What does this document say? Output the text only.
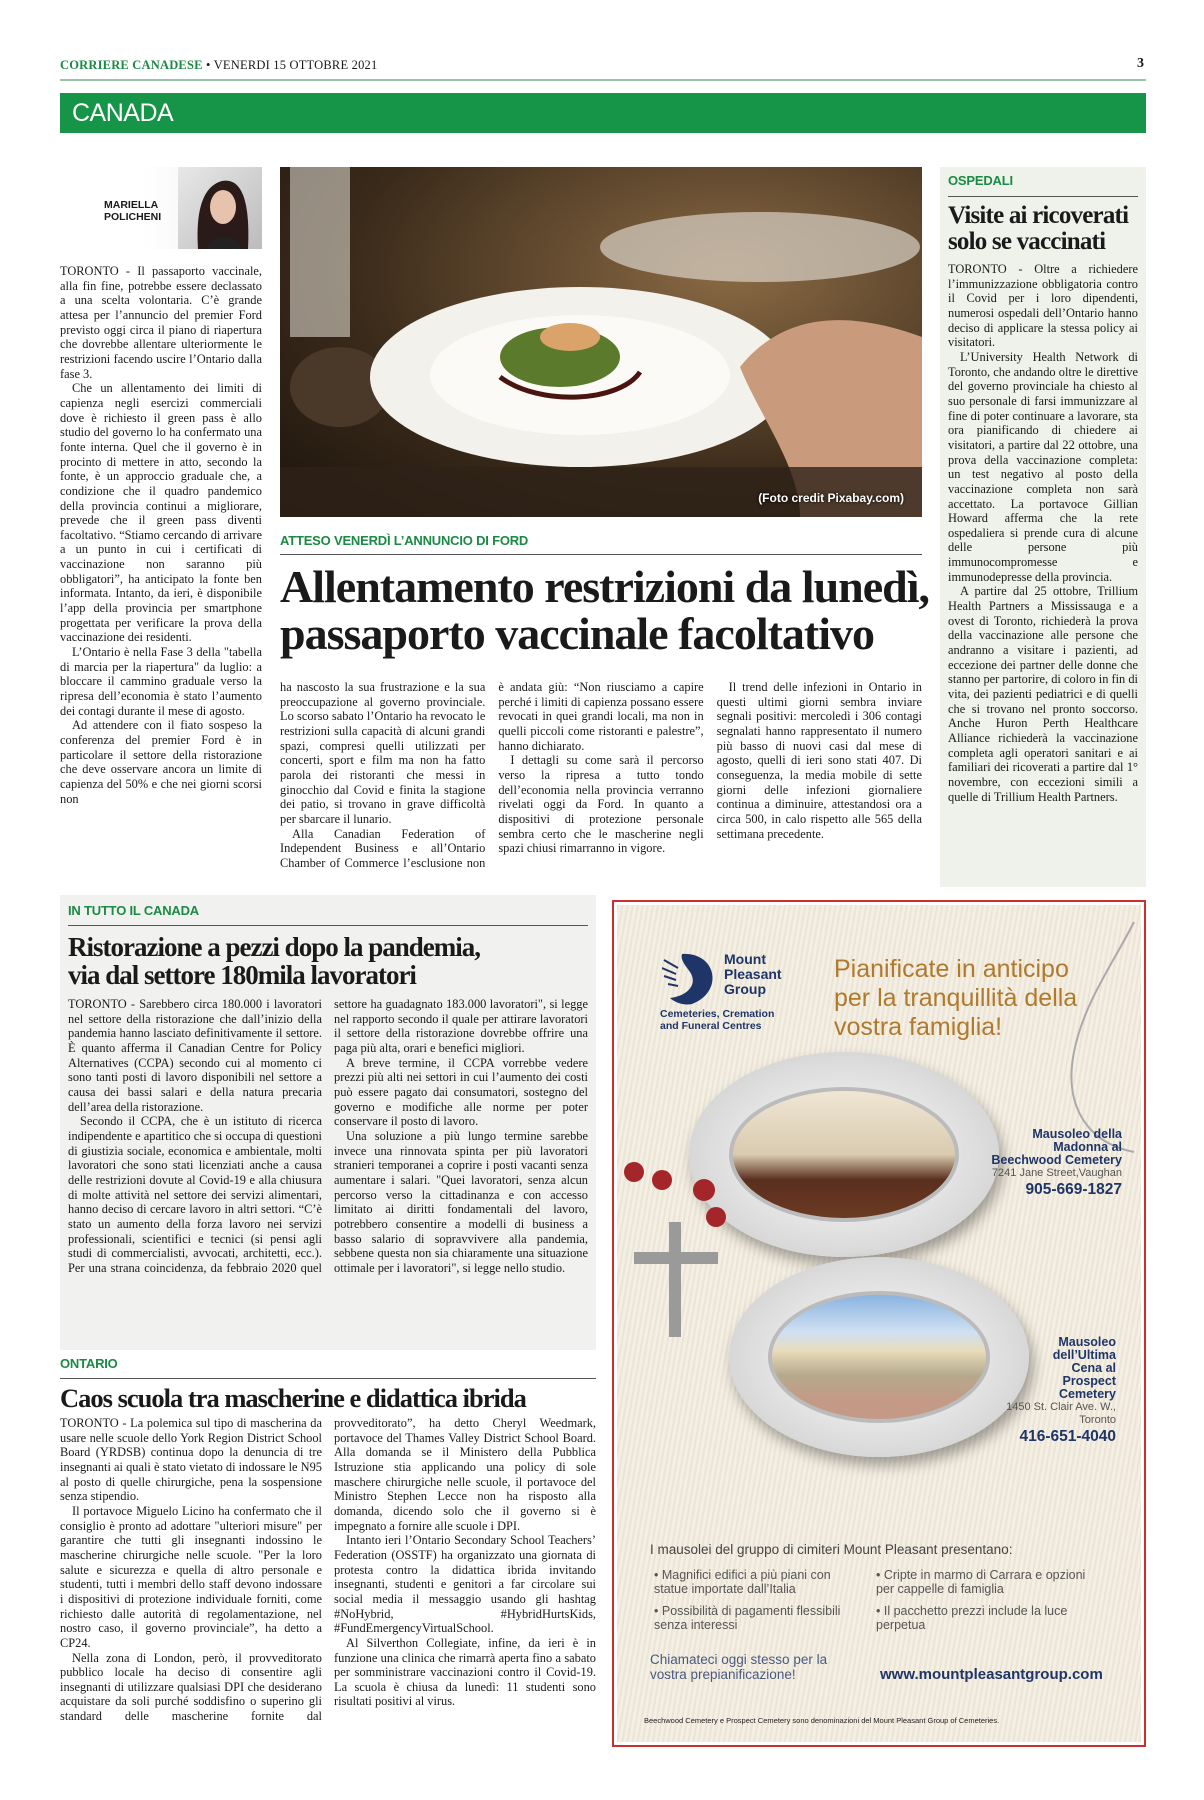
CORRIERE CANADESE • VENERDI 15 OTTOBRE 2021	3
CANADA
MARIELLA
POLICHENI

TORONTO - Il passaporto vaccinale, alla fin fine, potrebbe essere declassato a una scelta volontaria. C’è grande attesa per l’annuncio del premier Ford previsto oggi circa il piano di riapertura che dovrebbe allentare ulteriormente le restrizioni facendo uscire l’Ontario dalla fase 3.

Che un allentamento dei limiti di capienza negli esercizi commerciali dove è richiesto il green pass è allo studio del governo lo ha confermato una fonte interna. Quel che il governo è in procinto di mettere in atto, secondo la fonte, è un approccio graduale che, a condizione che il quadro pandemico della provincia continui a migliorare, prevede che il green pass diventi facoltativo. “Stiamo cercando di arrivare a un punto in cui i certificati di vaccinazione non saranno più obbligatori”, ha anticipato la fonte ben informata. Intanto, da ieri, è disponibile l’app della provincia per smartphone progettata per verificare la prova della vaccinazione dei residenti.

L’Ontario è nella Fase 3 della "tabella di marcia per la riapertura" da luglio: a bloccare il cammino graduale verso la ripresa dell’economia è stato l’aumento dei contagi durante il mese di agosto.

Ad attendere con il fiato sospeso la conferenza del premier Ford è in particolare il settore della ristorazione che deve osservare ancora un limite di capienza del 50% e che nei giorni scorsi non

(Foto credit Pixabay.com)
ATTESO VENERDÌ L’ANNUNCIO DI FORD
Allentamento restrizioni da lunedì,
passaporto vaccinale facoltativo

ha nascosto la sua frustrazione e la sua preoccupazione al governo provinciale. Lo scorso sabato l’Ontario ha revocato le restrizioni sulla capacità di alcuni grandi spazi, compresi quelli utilizzati per concerti, sport e film ma non ha fatto parola dei ristoranti che messi in ginocchio dal Covid e finita la stagione dei patio, si trovano in grave difficoltà per sbarcare il lunario.

Alla Canadian Federation of Independent Business e all’Ontario Chamber of Commerce l’esclusione non è andata giù: “Non riusciamo a capire perché i limiti di capienza possano essere revocati in quei grandi locali, ma non in quelli piccoli come ristoranti e palestre”, hanno dichiarato.

I dettagli su come sarà il percorso verso la ripresa a tutto tondo dell’economia nella provincia verranno rivelati oggi da Ford. In quanto a dispositivi di protezione personale sembra certo che le mascherine negli spazi chiusi rimarranno in vigore.

Il trend delle infezioni in Ontario in questi ultimi giorni sembra inviare segnali positivi: mercoledì i 306 contagi segnalati hanno rappresentato il numero più basso di nuovi casi dal mese di agosto, quelli di ieri sono stati 407. Di conseguenza, la media mobile di sette giorni delle infezioni giornaliere continua a diminuire, attestandosi ora a circa 500, in calo rispetto alle 565 della settimana precedente.

OSPEDALI
Visite ai ricoverati solo se vaccinati

TORONTO - Oltre a richiedere l’immunizzazione obbligatoria contro il Covid per i loro dipendenti, numerosi ospedali dell’Ontario hanno deciso di applicare la stessa policy ai visitatori.

L’University Health Network di Toronto, che andando oltre le direttive del governo provinciale ha chiesto al suo personale di farsi immunizzare al fine di poter continuare a lavorare, sta ora pianificando di chiedere ai visitatori, a partire dal 22 ottobre, una prova della vaccinazione completa: un test negativo al posto della vaccinazione completa non sarà accettato. La portavoce Gillian Howard afferma che la rete ospedaliera si prende cura di alcune delle persone più immunocompromesse e immunodepresse della provincia.

A partire dal 25 ottobre, Trillium Health Partners a Mississauga e a ovest di Toronto, richiederà la prova della vaccinazione alle persone che andranno a visitare i pazienti, ad eccezione dei partner delle donne che stanno per partorire, di coloro in fin di vita, dei pazienti pediatrici e di quelli che si trovano nel pronto soccorso. Anche Huron Perth Healthcare Alliance richiederà la vaccinazione completa agli operatori sanitari e ai familiari dei ricoverati a partire dal 1° novembre, con eccezioni simili a quelle di Trillium Health Partners.

IN TUTTO IL CANADA
Ristorazione a pezzi dopo la pandemia,
via dal settore 180mila lavoratori

TORONTO - Sarebbero circa 180.000 i lavoratori nel settore della ristorazione che dall’inizio della pandemia hanno lasciato definitivamente il settore. È quanto afferma il Canadian Centre for Policy Alternatives (CCPA) secondo cui al momento ci sono tanti posti di lavoro disponibili nel settore a causa dei bassi salari e della natura precaria dell’area della ristorazione.

Secondo il CCPA, che è un istituto di ricerca indipendente e apartitico che si occupa di questioni di giustizia sociale, economica e ambientale, molti lavoratori che sono stati licenziati anche a causa delle restrizioni dovute al Covid-19 e alla chiusura di molte attività nel settore dei servizi alimentari, hanno deciso di cercare lavoro in altri settori. “C’è stato un aumento della forza lavoro nei servizi professionali, scientifici e tecnici (si pensi agli studi di commercialisti, avvocati, architetti, ecc.). Per una strana coincidenza, da febbraio 2020 quel settore ha guadagnato 183.000 lavoratori", si legge nel rapporto secondo il quale per attirare lavoratori il settore della ristorazione dovrebbe offrire una paga più alta, orari e benefici migliori.

A breve termine, il CCPA vorrebbe vedere prezzi più alti nei settori in cui l’aumento dei costi può essere pagato dai consumatori, sostegno del governo e modifiche alle norme per poter conservare il posto di lavoro.

Una soluzione a più lungo termine sarebbe invece una rinnovata spinta per più lavoratori stranieri temporanei a coprire i posti vacanti senza aumentare i salari. "Quei lavoratori, senza alcun percorso verso la cittadinanza e con accesso limitato ai diritti fondamentali del lavoro, potrebbero consentire a modelli di business a basso salario di sopravvivere alla pandemia, sebbene questa non sia chiaramente una situazione ottimale per i lavoratori", si legge nello studio.

ONTARIO
Caos scuola tra mascherine e didattica ibrida

TORONTO - La polemica sul tipo di mascherina da usare nelle scuole dello York Region District School Board (YRDSB) continua dopo la denuncia di tre insegnanti ai quali è stato vietato di indossare le N95 al posto di quelle chirurgiche, pena la sospensione senza stipendio.

Il portavoce Miguelo Licino ha confermato che il consiglio è pronto ad adottare "ulteriori misure" per garantire che tutti gli insegnanti indossino le mascherine chirurgiche nelle scuole. "Per la loro salute e sicurezza e quella di altro personale e studenti, tutti i membri dello staff devono indossare i dispositivi di protezione individuale forniti, come richiesto dalle autorità di regolamentazione, nel nostro caso, il governo provinciale”, ha detto a CP24.

Nella zona di London, però, il provveditorato pubblico locale ha deciso di consentire agli insegnanti di utilizzare qualsiasi DPI che desiderano acquistare da soli purché soddisfino o superino gli standard delle mascherine fornite dal provveditorato”, ha detto Cheryl Weedmark, portavoce del Thames Valley District School Board. Alla domanda se il Ministero della Pubblica Istruzione stia applicando una policy di sole maschere chirurgiche nelle scuole, il portavoce del Ministro Stephen Lecce non ha risposto alla domanda, dicendo solo che il governo si è impegnato a fornire alle scuole i DPI.

Intanto ieri l’Ontario Secondary School Teachers’ Federation (OSSTF) ha organizzato una giornata di protesta contro la didattica ibrida invitando insegnanti, studenti e genitori a far circolare sui social media il messaggio usando gli hashtag #NoHybrid, #HybridHurtsKids, #FundEmergencyVirtualSchool.

Al Silverthon Collegiate, infine, da ieri è in funzione una clinica che rimarrà aperta fino a sabato per somministrare vaccinazioni contro il Covid-19. La scuola è chiusa da lunedì: 11 studenti sono risultati positivi al virus.

Mount
Pleasant
Group
Cemeteries, Cremation
and Funeral Centres
Pianificate in anticipo
per la tranquillità della
vostra famiglia!
Mausoleo della
Madonna al
Beechwood Cemetery
7241 Jane Street,Vaughan
905-669-1827
Mausoleo
dell’Ultima
Cena al
Prospect
Cemetery
1450 St. Clair Ave. W.,
Toronto
416-651-4040
I mausolei del gruppo di cimiteri Mount Pleasant presentano:
• Magnifici edifici a più piani con statue importate dall’Italia
• Cripte in marmo di Carrara e opzioni per cappelle di famiglia
• Possibilità di pagamenti flessibili senza interessi
• Il pacchetto prezzi include la luce perpetua
Chiamateci oggi stesso per la vostra prepianificazione!	www.mountpleasantgroup.com
Beechwood Cemetery e Prospect Cemetery sono denominazioni del Mount Pleasant Group of Cemeteries.
